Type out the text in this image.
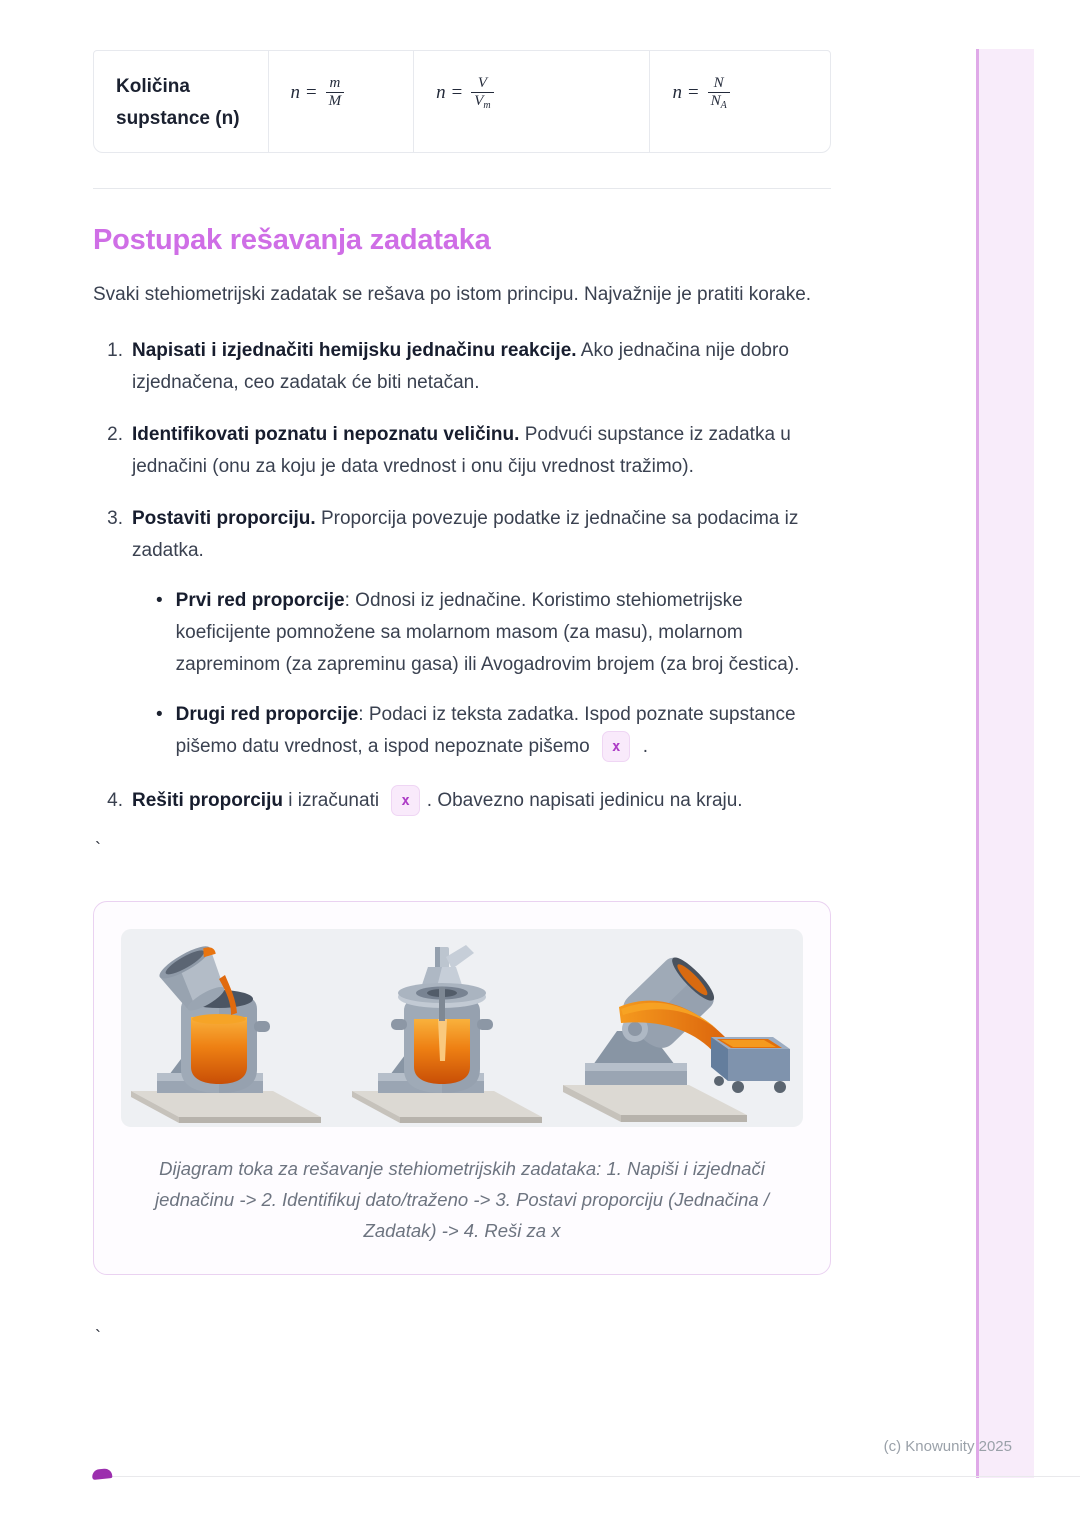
Količina supstance (n)
$n = \frac{m}{M}$	$n = \frac{V}{V_m}$	$n = \frac{N}{N_A}$
Postupak rešavanja zadataka

Svaki stehiometrijski zadatak se rešava po istom principu. Najvažnije je pratiti korake.

1. Napisati i izjednačiti hemijsku jednačinu reakcije. Ako jednačina nije dobro izjednačena, ceo zadatak će biti netačan.
2. Identifikovati poznatu i nepoznatu veličinu. Podvući supstance iz zadatka u jednačini (onu za koju je data vrednost i onu čiju vrednost tražimo).
3. Postaviti proporciju. Proporcija povezuje podatke iz jednačine sa podacima iz zadatka.
• Prvi red proporcije: Odnosi iz jednačine. Koristimo stehiometrijske koeficijente pomnožene sa molarnom masom (za masu), molarnom zapreminom (za zapreminu gasa) ili Avogadrovim brojem (za broj čestica).
• Drugi red proporcije: Podaci iz teksta zadatka. Ispod poznate supstance pišemo datu vrednost, a ispod nepoznate pišemo x .
4. Rešiti proporciju i izračunati x . Obavezno napisati jedinicu na kraju.

`

Dijagram toka za rešavanje stehiometrijskih zadataka: 1. Napiši i izjednači jednačinu -> 2. Identifikuj dato/traženo -> 3. Postavi proporciju (Jednačina / Zadatak) -> 4. Reši za x

`

(c) Knowunity 2025
